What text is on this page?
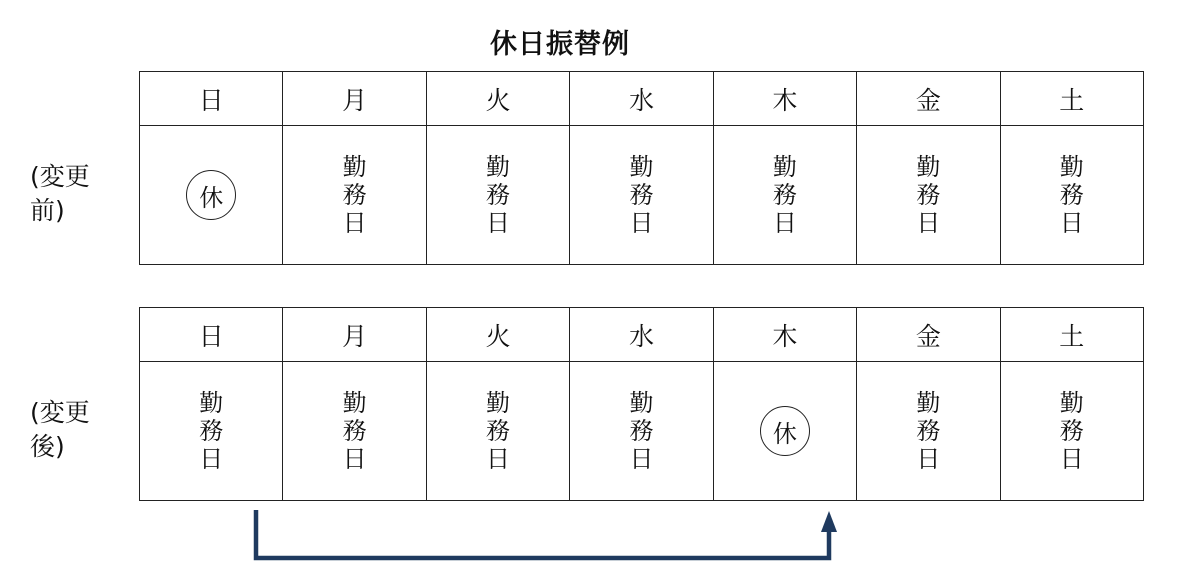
休日振替例
(変更
前)
日	月	火	水	木	金	土
休	勤
務
日	勤
務
日	勤
務
日	勤
務
日	勤
務
日	勤
務
日
(変更
後)
日	月	火	水	木	金	土
勤
務
日	勤
務
日	勤
務
日	勤
務
日	休	勤
務
日	勤
務
日
